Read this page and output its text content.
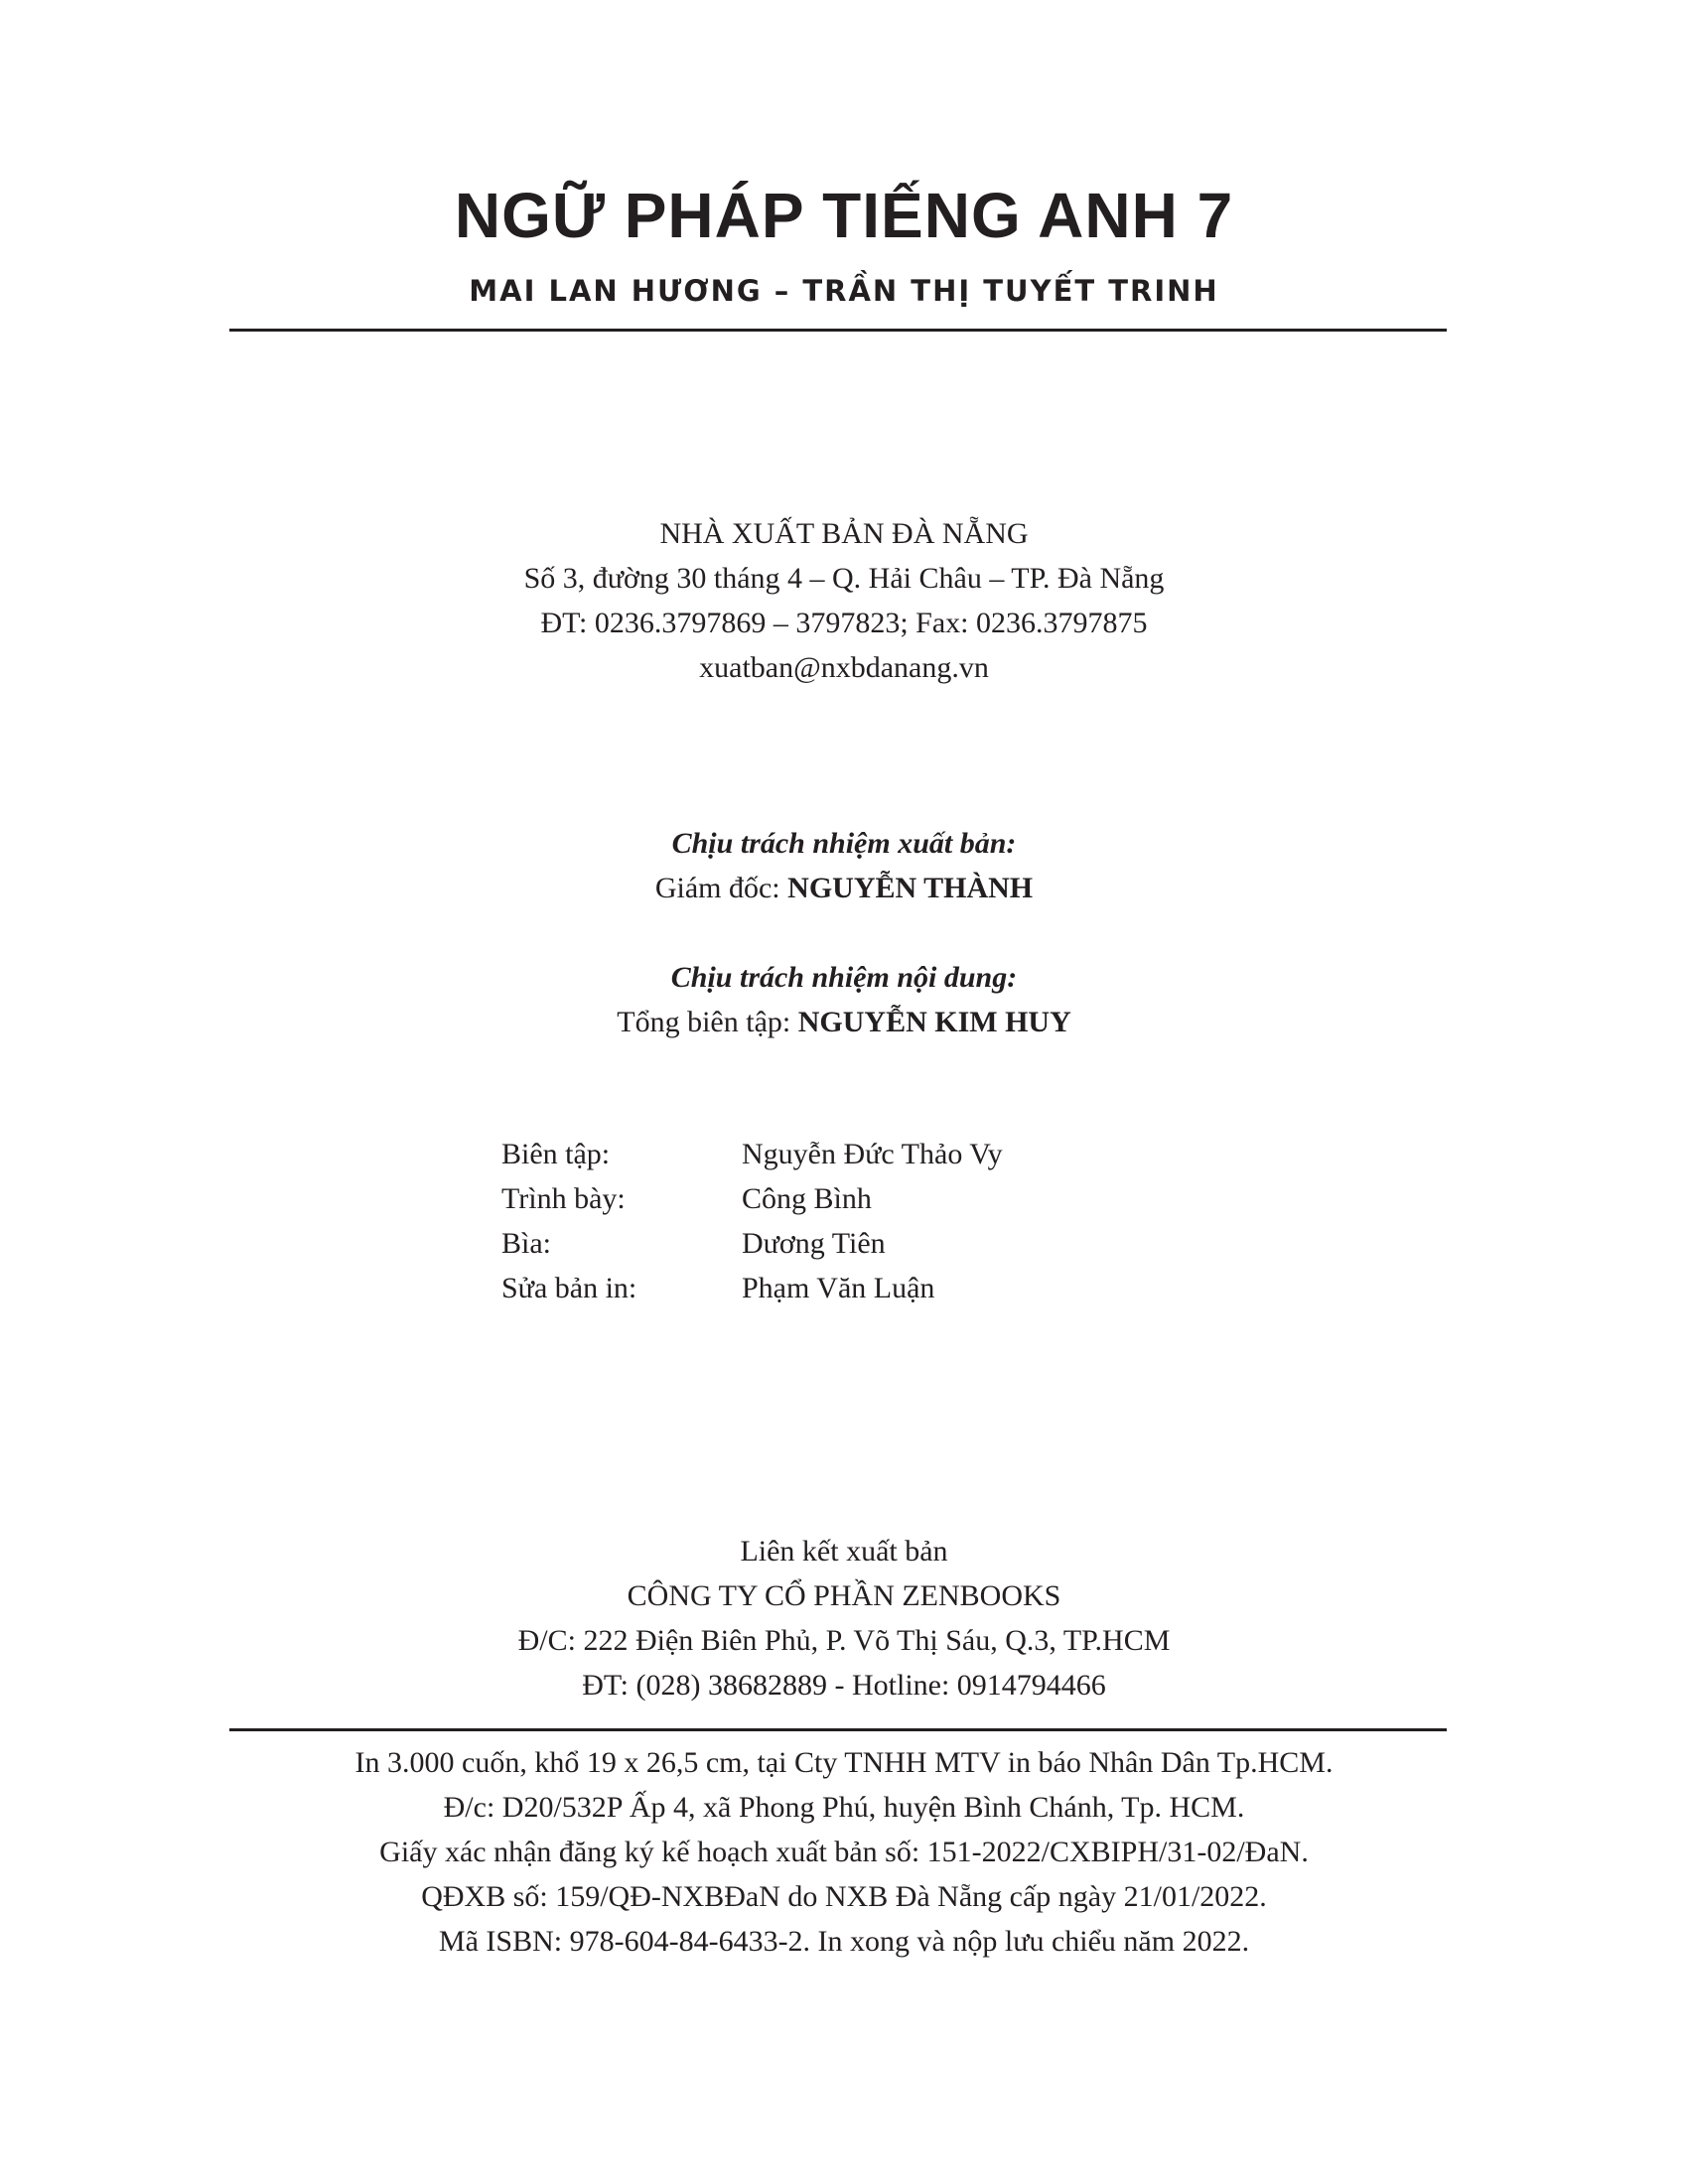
NGỮ PHÁP TIẾNG ANH 7
MAI LAN HƯƠNG – TRẦN THỊ TUYẾT TRINH

NHÀ XUẤT BẢN ĐÀ NẴNG

Số 3, đường 30 tháng 4 – Q. Hải Châu – TP. Đà Nẵng

ĐT: 0236.3797869 – 3797823; Fax: 0236.3797875

xuatban@nxbdanang.vn

Chịu trách nhiệm xuất bản:

Giám đốc: NGUYỄN THÀNH

Chịu trách nhiệm nội dung:

Tổng biên tập: NGUYỄN KIM HUY

Biên tập:	Nguyễn Đức Thảo Vy
Trình bày:	Công Bình
Bìa:	Dương Tiên
Sửa bản in:	Phạm Văn Luận

Liên kết xuất bản

CÔNG TY CỔ PHẦN ZENBOOKS

Đ/C: 222 Điện Biên Phủ, P. Võ Thị Sáu, Q.3, TP.HCM

ĐT: (028) 38682889 - Hotline: 0914794466

In 3.000 cuốn, khổ 19 x 26,5 cm, tại Cty TNHH MTV in báo Nhân Dân Tp.HCM.

Đ/c: D20/532P Ấp 4, xã Phong Phú, huyện Bình Chánh, Tp. HCM.

Giấy xác nhận đăng ký kế hoạch xuất bản số: 151-2022/CXBIPH/31-02/ĐaN.

QĐXB số: 159/QĐ-NXBĐaN do NXB Đà Nẵng cấp ngày 21/01/2022.

Mã ISBN: 978-604-84-6433-2. In xong và nộp lưu chiểu năm 2022.
